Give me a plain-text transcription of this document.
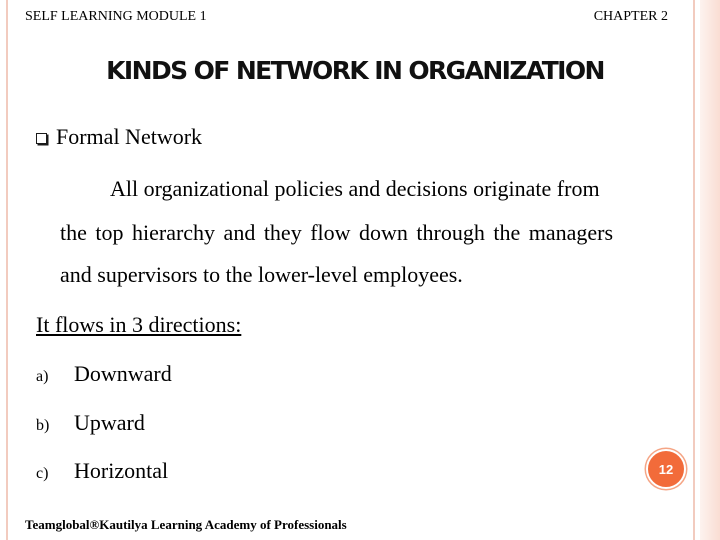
SELF LEARNING MODULE 1	CHAPTER 2
KINDS OF NETWORK IN ORGANIZATION
Formal Network
All organizational policies and decisions originate from
the top hierarchy and they flow down through the managers
and supervisors to the lower-level employees.
It flows in 3 directions:
a)	Downward
b)	Upward
c)	Horizontal	12
Teamglobal®Kautilya Learning Academy of Professionals
